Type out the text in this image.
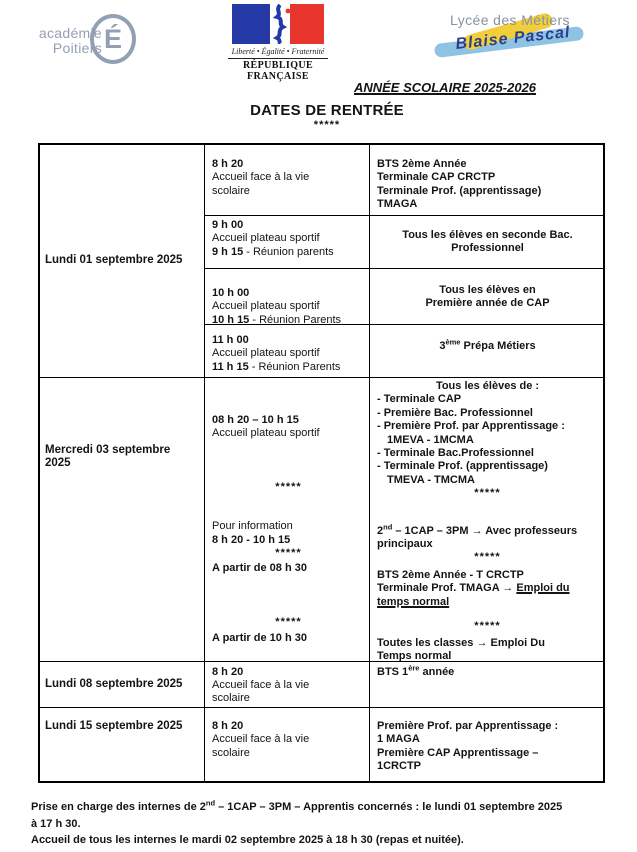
académie
Poitiers É	Liberté • Égalité • Fraternité
RÉPUBLIQUE FRANÇAISE
Lycée des Métiers
Blaise Pascal
ANNÉE SCOLAIRE 2025-2026
DATES DE RENTRÉE
*****
Lundi 01 septembre 2025
8 h 20
Accueil face à la vie
scolaire
BTS 2ème Année
Terminale CAP CRCTP
Terminale Prof. (apprentissage)
TMAGA
9 h 00
Accueil plateau sportif
9 h 15 - Réunion parents
Tous les élèves en seconde Bac.
Professionnel
10 h 00
Accueil plateau sportif
10 h 15 - Réunion Parents
Tous les élèves en
Première année de CAP
11 h 00
Accueil plateau sportif
11 h 15 - Réunion Parents
3ème Prépa Métiers
Mercredi 03 septembre 2025
08 h 20 – 10 h 15
Accueil plateau sportif
*****
Pour information
8 h 20 - 10 h 15
*****
A partir de 08 h 30
*****
A partir de 10 h 30
Tous les élèves de :
- Terminale CAP
- Première Bac. Professionnel
- Première Prof. par Apprentissage :
1MEVA - 1MCMA
- Terminale Bac.Professionnel
- Terminale Prof. (apprentissage)
TMEVA - TMCMA
*****
2nd – 1CAP – 3PM → Avec professeurs
principaux
*****
BTS 2ème Année - T CRCTP
Terminale Prof. TMAGA → Emploi du
temps normal
*****
Toutes les classes → Emploi Du
Temps normal
Lundi 08 septembre 2025
8 h 20
Accueil face à la vie
scolaire
BTS 1ère année
Lundi 15 septembre 2025	8 h 20
Accueil face à la vie
scolaire
Première Prof. par Apprentissage :
1 MAGA
Première CAP Apprentissage –
1CRCTP
Prise en charge des internes de 2nd – 1CAP – 3PM – Apprentis concernés : le lundi 01 septembre 2025
à 17 h 30.
Accueil de tous les internes le mardi 02 septembre 2025 à 18 h 30 (repas et nuitée).
